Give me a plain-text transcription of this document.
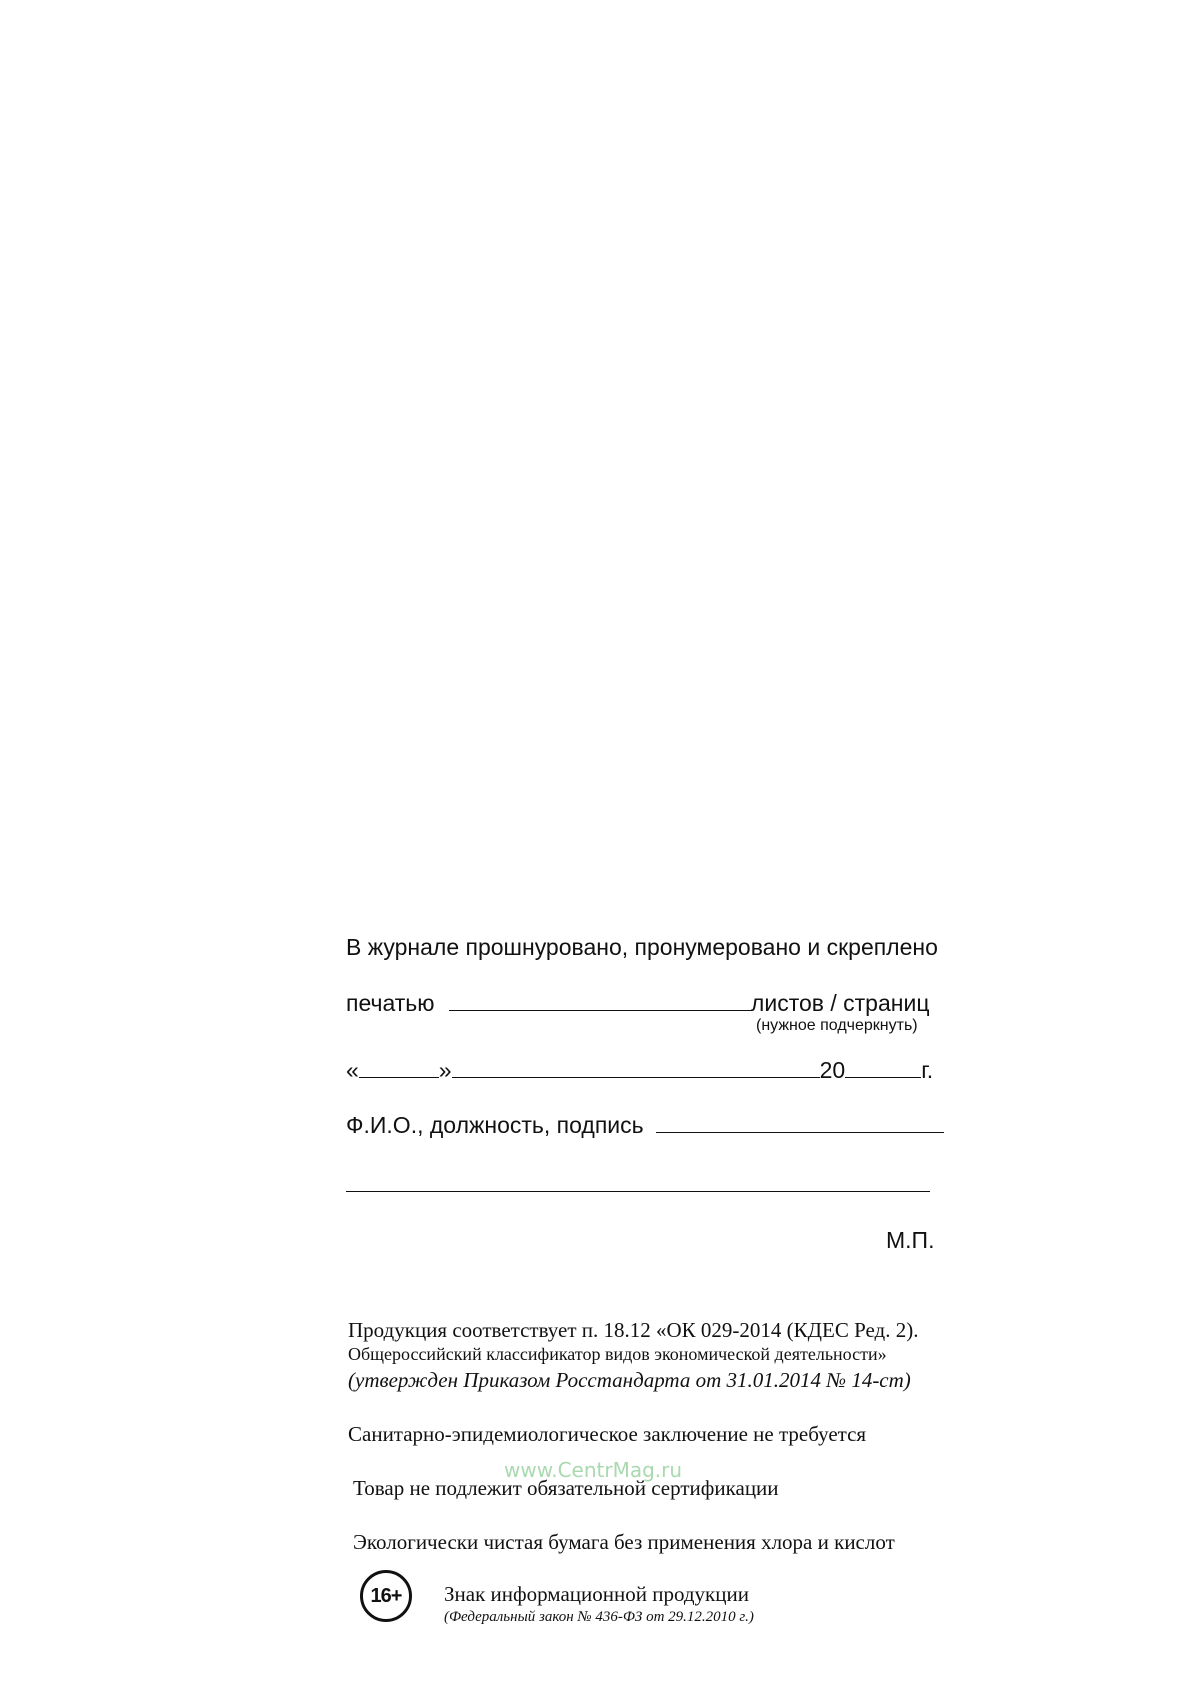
В журнале прошнуровано, пронумеровано и скреплено
печатью	листов / страниц
(нужное подчеркнуть)
«	»	20	г.
Ф.И.О., должность, подпись
М.П.
Продукция соответствует п. 18.12 «ОК 029-2014 (КДЕС Ред. 2).
Общероссийский классификатор видов экономической деятельности»
(утвержден Приказом Росстандарта от 31.01.2014 № 14-ст)
Санитарно-эпидемиологическое заключение не требуется
www.CentrMag.ru
Товар не подлежит обязательной сертификации
Экологически чистая бумага без применения хлора и кислот
16+ Знак информационной продукции
(Федеральный закон № 436-ФЗ от 29.12.2010 г.)
